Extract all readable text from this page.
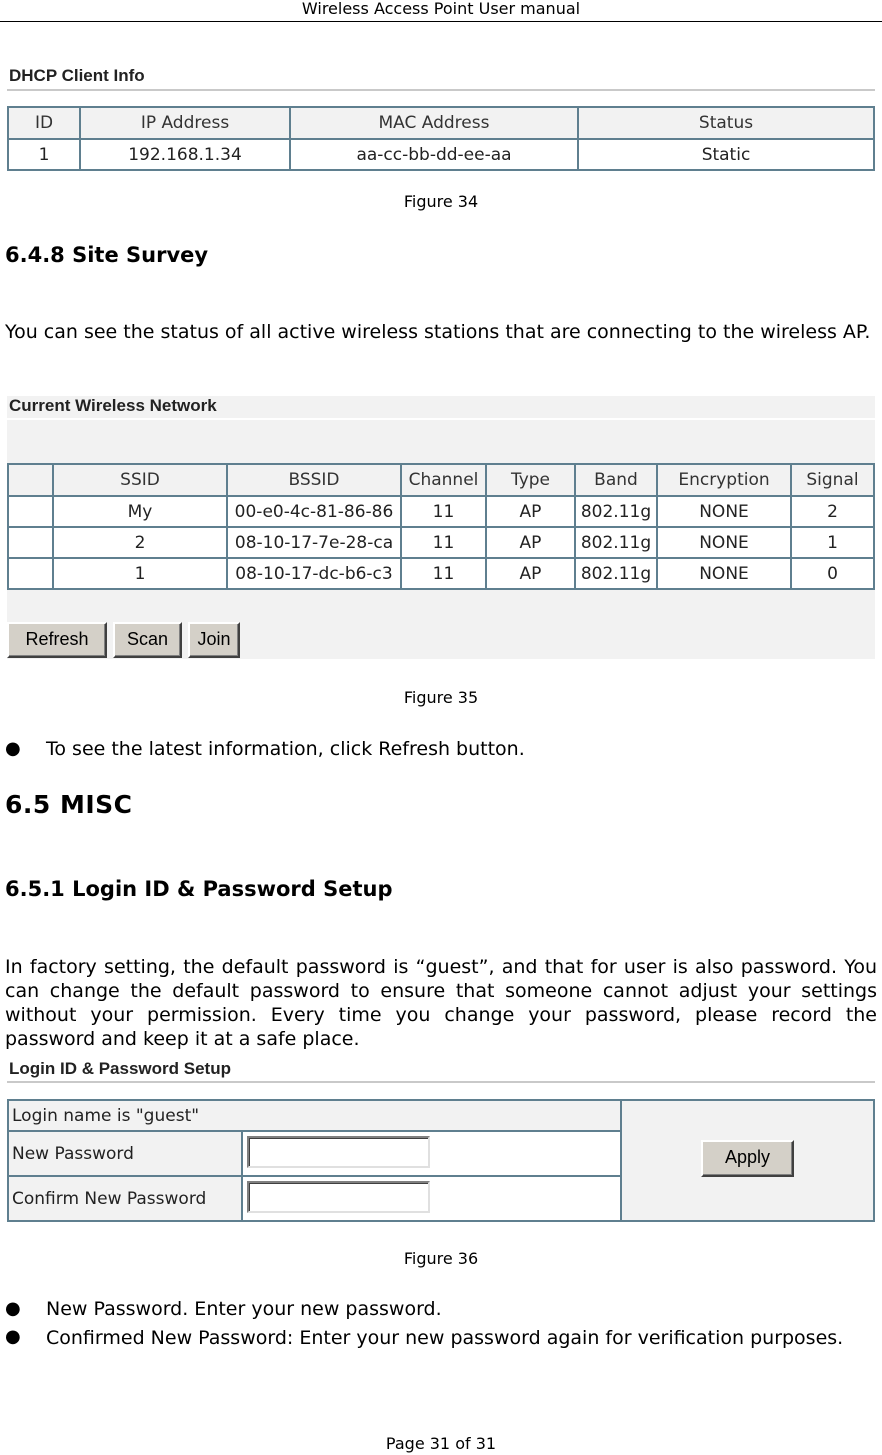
Wireless Access Point User manual
DHCP Client Info
ID	IP Address	MAC Address	Status
1	192.168.1.34	aa-cc-bb-dd-ee-aa	Static
Figure 34
6.4.8 Site Survey
You can see the status of all active wireless stations that are connecting to the wireless AP.
Current Wireless Network
	SSID	BSSID	Channel	Type	Band	Encryption	Signal
	My	00-e0-4c-81-86-86	11	AP	802.11g	NONE	2
	2	08-10-17-7e-28-ca	11	AP	802.11g	NONE	1
	1	08-10-17-dc-b6-c3	11	AP	802.11g	NONE	0
Refresh	Scan	Join
Figure 35
●	To see the latest information, click Refresh button.
6.5 MISC
6.5.1 Login ID & Password Setup
In factory setting, the default password is “guest”, and that for user is also password. You can change the default password to ensure that someone cannot adjust your settings without your permission. Every time you change your password, please record the password and keep it at a safe place.
Login ID & Password Setup
Login name is "guest"		
New Password		
Confirm New Password		
Apply
Figure 36
●	New Password. Enter your new password.
●	Confirmed New Password: Enter your new password again for verification purposes.
Page 31 of 31
